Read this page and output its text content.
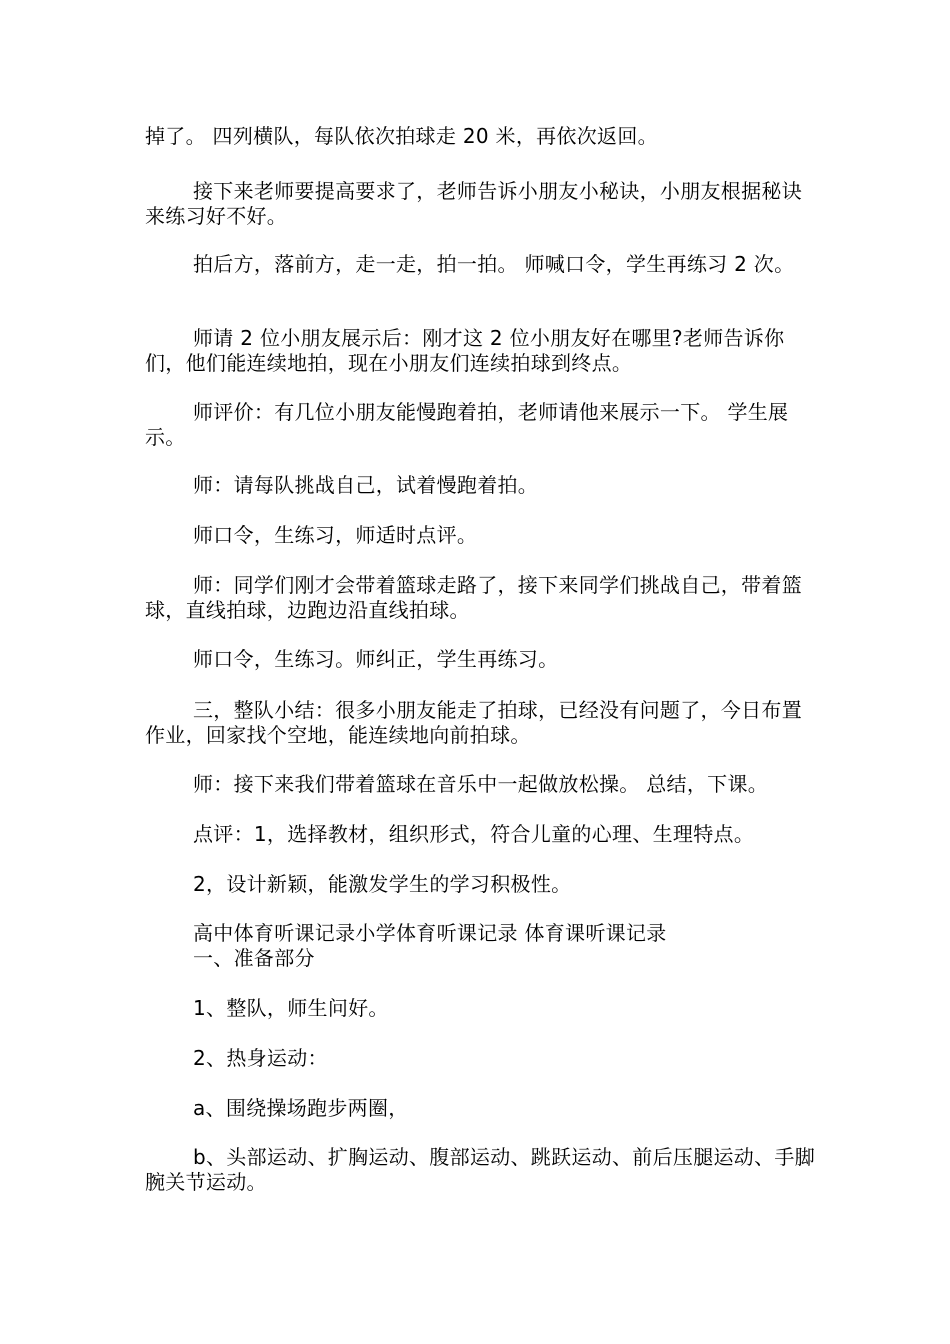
掉了。 四列横队，每队依次拍球走 20 米，再依次返回。

接下来老师要提高要求了，老师告诉小朋友小秘诀，小朋友根据秘诀来练习好不好。

拍后方，落前方，走一走，拍一拍。 师喊口令，学生再练习 2 次。

师请 2 位小朋友展示后：刚才这 2 位小朋友好在哪里?老师告诉你们，他们能连续地拍，现在小朋友们连续拍球到终点。

师评价：有几位小朋友能慢跑着拍，老师请他来展示一下。 学生展示。

师：请每队挑战自己，试着慢跑着拍。

师口令，生练习，师适时点评。

师：同学们刚才会带着篮球走路了，接下来同学们挑战自己，带着篮球，直线拍球，边跑边沿直线拍球。

师口令，生练习。师纠正，学生再练习。

三，整队小结：很多小朋友能走了拍球，已经没有问题了，今日布置作业，回家找个空地，能连续地向前拍球。

师：接下来我们带着篮球在音乐中一起做放松操。 总结，下课。

点评：1，选择教材，组织形式，符合儿童的心理、生理特点。

2，设计新颖，能激发学生的学习积极性。

高中体育听课记录小学体育听课记录 体育课听课记录

一、准备部分

1、整队，师生问好。

2、热身运动：

a、围绕操场跑步两圈，

b、头部运动、扩胸运动、腹部运动、跳跃运动、前后压腿运动、手脚腕关节运动。
